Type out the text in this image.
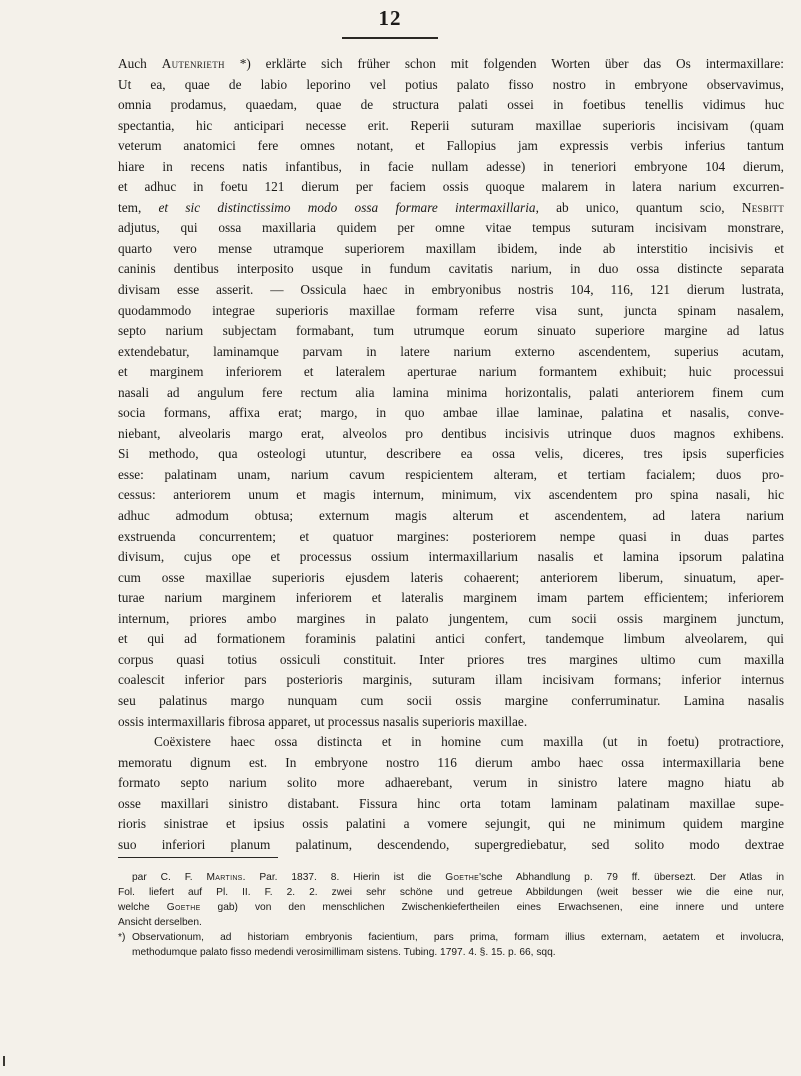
12
Auch Autenrieth *) erklärte sich früher schon mit folgenden Worten über das Os intermaxillare:
Ut ea, quae de labio leporino vel potius palato fisso nostro in embryone observavimus,
omnia prodamus, quaedam, quae de structura palati ossei in foetibus tenellis vidimus huc
spectantia, hic anticipari necesse erit. Reperii suturam maxillae superioris incisivam (quam
veterum anatomici fere omnes notant, et Fallopius jam expressis verbis inferius tantum
hiare in recens natis infantibus, in facie nullam adesse) in teneriori embryone 104 dierum,
et adhuc in foetu 121 dierum per faciem ossis quoque malarem in latera narium excurren-
tem, et sic distinctissimo modo ossa formare intermaxillaria, ab unico, quantum scio, Nesbitt
adjutus, qui ossa maxillaria quidem per omne vitae tempus suturam incisivam monstrare,
quarto vero mense utramque superiorem maxillam ibidem, inde ab interstitio incisivis et
caninis dentibus interposito usque in fundum cavitatis narium, in duo ossa distincte separata
divisam esse asserit. — Ossicula haec in embryonibus nostris 104, 116, 121 dierum lustrata,
quodammodo integrae superioris maxillae formam referre visa sunt, juncta spinam nasalem,
septo narium subjectam formabant, tum utrumque eorum sinuato superiore margine ad latus
extendebatur, laminamque parvam in latere narium externo ascendentem, superius acutam,
et marginem inferiorem et lateralem aperturae narium formantem exhibuit; huic processui
nasali ad angulum fere rectum alia lamina minima horizontalis, palati anteriorem finem cum
socia formans, affixa erat; margo, in quo ambae illae laminae, palatina et nasalis, conve-
niebant, alveolaris margo erat, alveolos pro dentibus incisivis utrinque duos magnos exhibens.
Si methodo, qua osteologi utuntur, describere ea ossa velis, diceres, tres ipsis superficies
esse: palatinam unam, narium cavum respicientem alteram, et tertiam facialem; duos pro-
cessus: anteriorem unum et magis internum, minimum, vix ascendentem pro spina nasali, hic
adhuc admodum obtusa; externum magis alterum et ascendentem, ad latera narium
exstruenda concurrentem; et quatuor margines: posteriorem nempe quasi in duas partes
divisum, cujus ope et processus ossium intermaxillarium nasalis et lamina ipsorum palatina
cum osse maxillae superioris ejusdem lateris cohaerent; anteriorem liberum, sinuatum, aper-
turae narium marginem inferiorem et lateralis marginem imam partem efficientem; inferiorem
internum, priores ambo margines in palato jungentem, cum socii ossis marginem junctum,
et qui ad formationem foraminis palatini antici confert, tandemque limbum alveolarem, qui
corpus quasi totius ossiculi constituit. Inter priores tres margines ultimo cum maxilla
coalescit inferior pars posterioris marginis, suturam illam incisivam formans; inferior internus
seu palatinus margo nunquam cum socii ossis margine conferruminatur. Lamina nasalis
ossis intermaxillaris fibrosa apparet, ut processus nasalis superioris maxillae.
Coëxistere haec ossa distincta et in homine cum maxilla (ut in foetu) protractiore,
memoratu dignum est. In embryone nostro 116 dierum ambo haec ossa intermaxillaria bene
formato septo narium solito more adhaerebant, verum in sinistro latere magno hiatu ab
osse maxillari sinistro distabant. Fissura hinc orta totam laminam palatinam maxillae supe-
rioris sinistrae et ipsius ossis palatini a vomere sejungit, qui ne minimum quidem margine
suo inferiori planum palatinum, descendendo, supergrediebatur, sed solito modo dextrae
par C. F. Martins. Par. 1837. 8. Hierin ist die Goethe'sche Abhandlung p. 79 ff. übersezt. Der Atlas in
Fol. liefert auf Pl. II. F. 2. 2. zwei sehr schöne und getreue Abbildungen (weit besser wie die eine nur,
welche Goethe gab) von den menschlichen Zwischenkiefertheilen eines Erwachsenen, eine innere und untere
Ansicht derselben.
*) Observationum, ad historiam embryonis facientium, pars prima, formam illius externam, aetatem et involucra,
methodumque palato fisso medendi verosimillimam sistens. Tubing. 1797. 4. §. 15. p. 66, sqq.
